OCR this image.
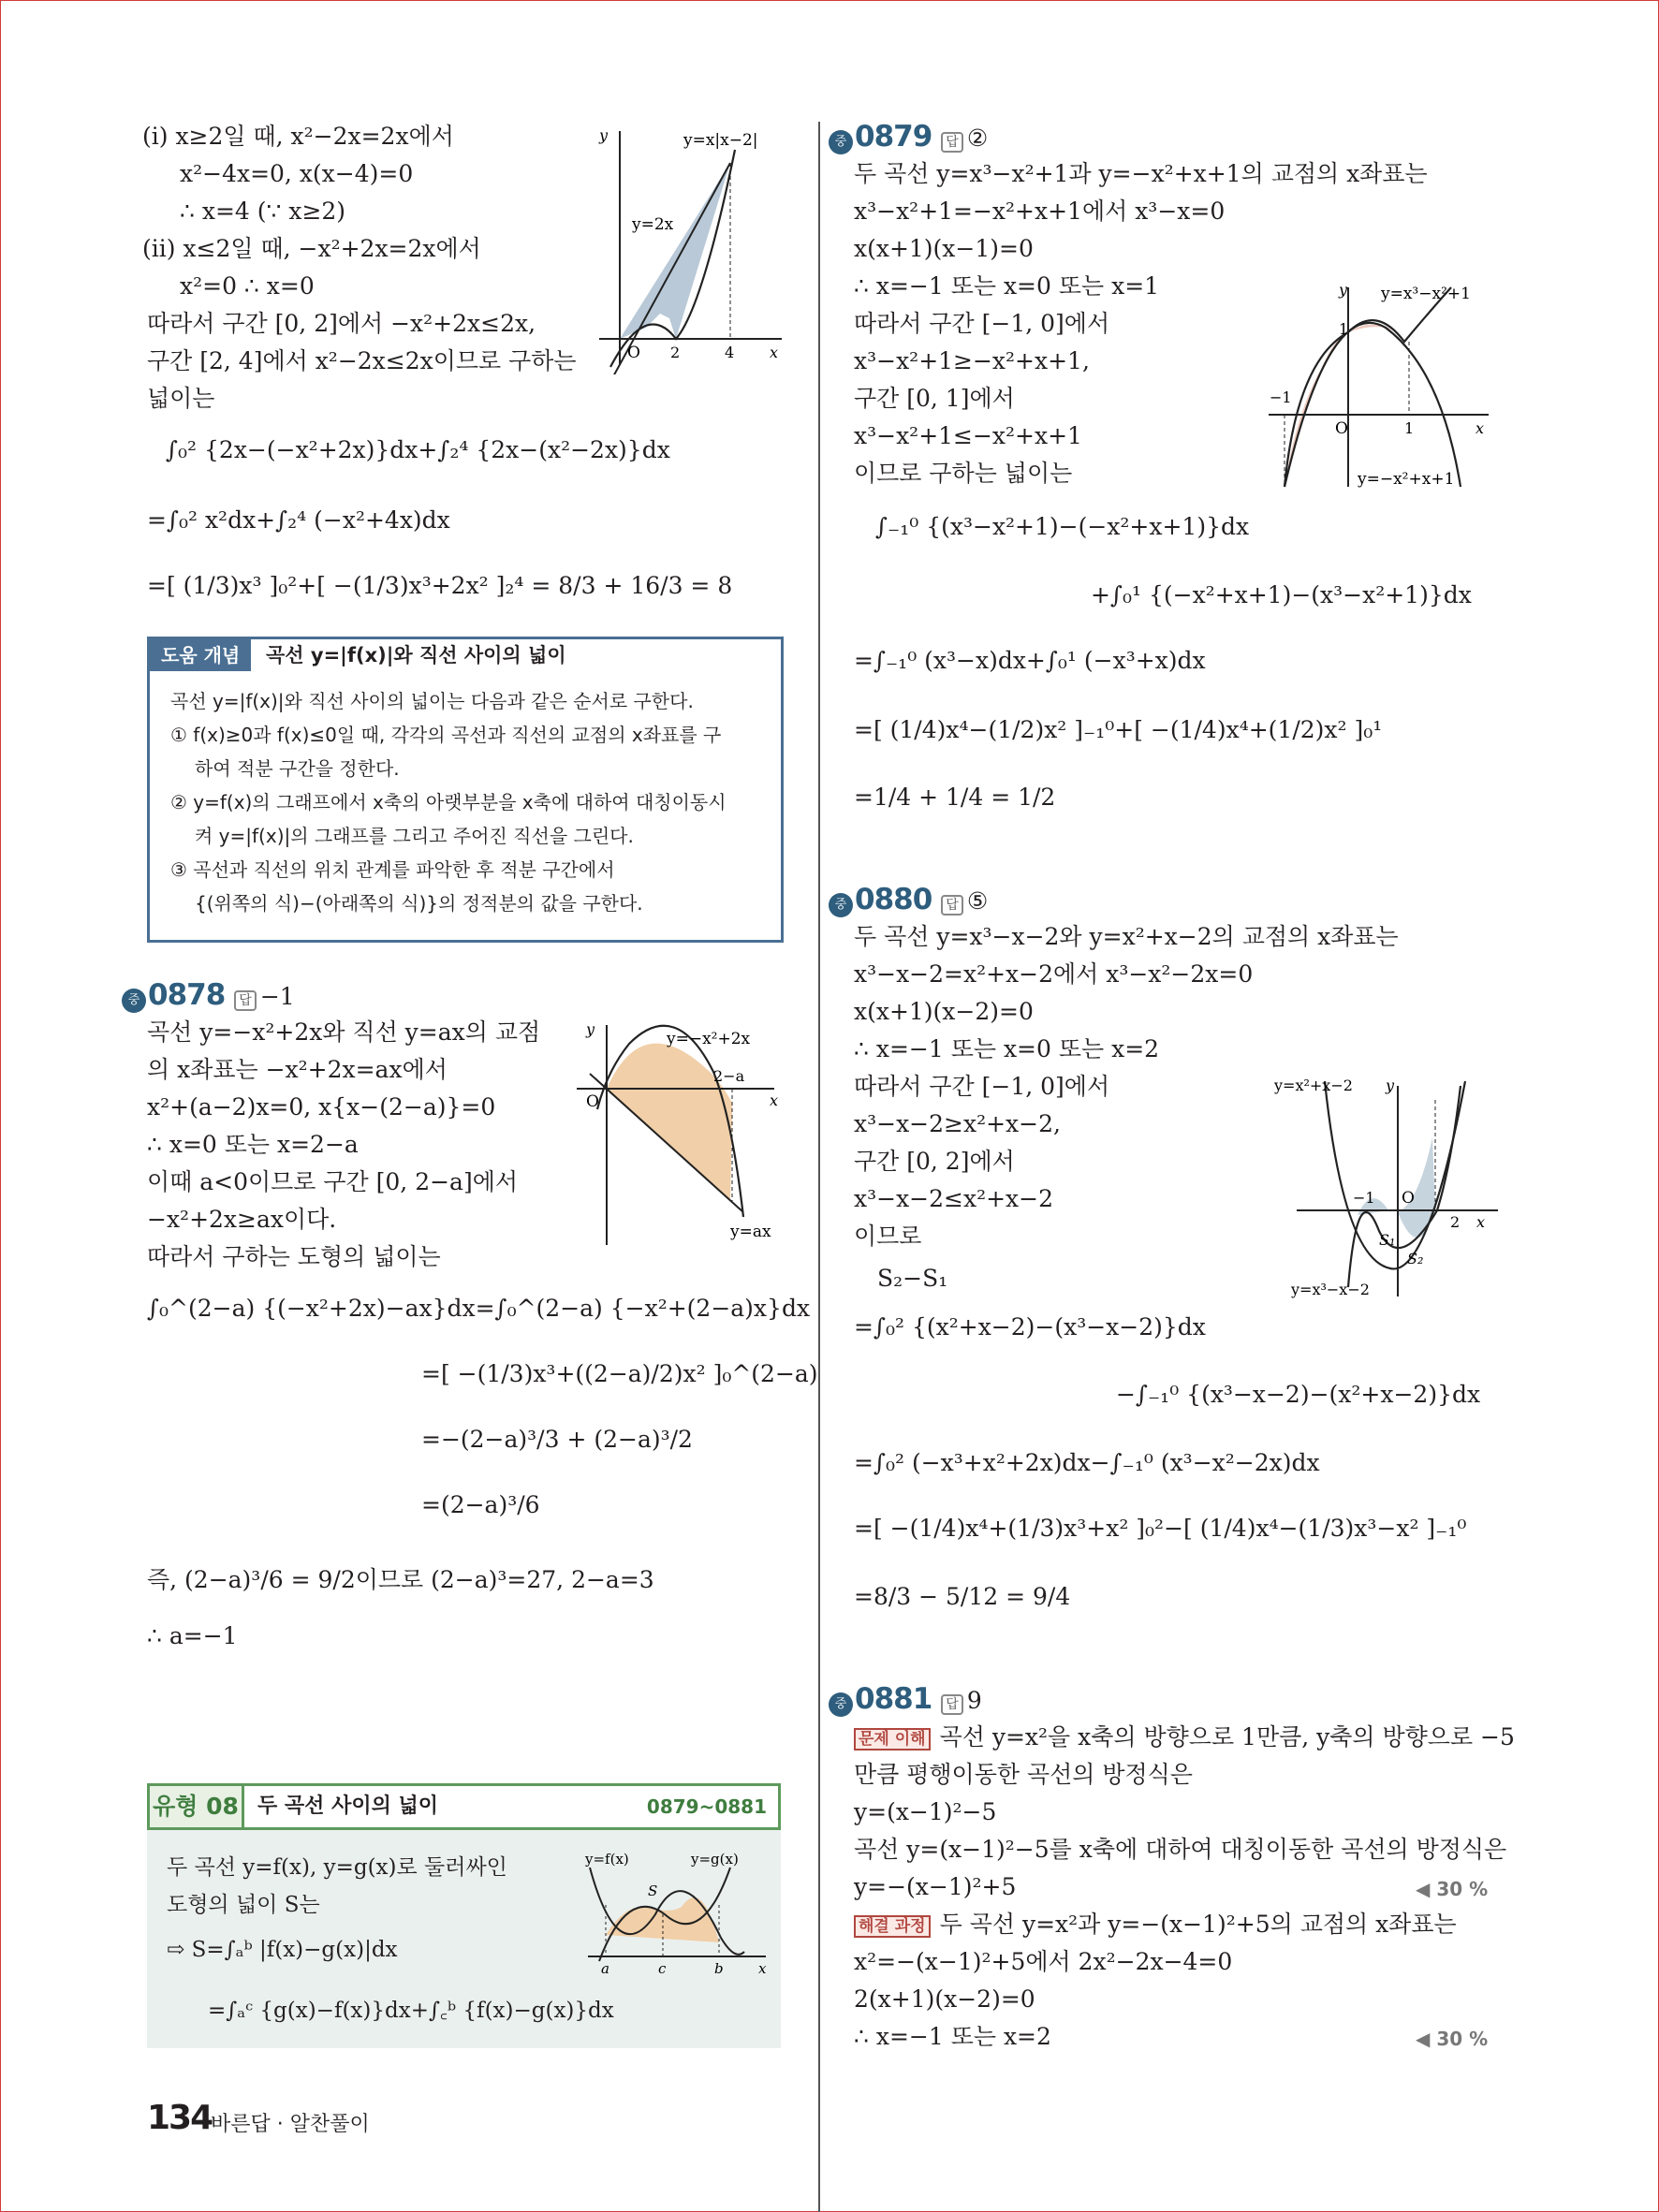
(ⅰ) x≥2일 때, x²−2x=2x에서
x²−4x=0, x(x−4)=0
∴ x=4 (∵ x≥2)
(ⅱ) x≤2일 때, −x²+2x=2x에서
x²=0 ∴ x=0
따라서 구간 [0, 2]에서 −x²+2x≤2x,
구간 [2, 4]에서 x²−2x≤2x이므로 구하는
넓이는
∫₀² {2x−(−x²+2x)}dx+∫₂⁴ {2x−(x²−2x)}dx
=∫₀² x²dx+∫₂⁴ (−x²+4x)dx
=[ (1/3)x³ ]₀²+[ −(1/3)x³+2x² ]₂⁴ = 8/3 + 16/3 = 8
y	y=x|x−2|
y=2x
O 2	4 x
도움 개념	곡선 y=|f(x)|와 직선 사이의 넓이
곡선 y=|f(x)|와 직선 사이의 넓이는 다음과 같은 순서로 구한다.
① f(x)≥0과 f(x)≤0일 때, 각각의 곡선과 직선의 교점의 x좌표를 구
하여 적분 구간을 정한다.
② y=f(x)의 그래프에서 x축의 아랫부분을 x축에 대하여 대칭이동시
켜 y=|f(x)|의 그래프를 그리고 주어진 직선을 그린다.
③ 곡선과 직선의 위치 관계를 파악한 후 적분 구간에서
{(위쪽의 식)−(아래쪽의 식)}의 정적분의 값을 구한다.
중 0878 답 −1
곡선 y=−x²+2x와 직선 y=ax의 교점
의 x좌표는 −x²+2x=ax에서
x²+(a−2)x=0, x{x−(2−a)}=0
∴ x=0 또는 x=2−a
이때 a<0이므로 구간 [0, 2−a]에서
−x²+2x≥ax이다.
따라서 구하는 도형의 넓이는
∫₀^(2−a) {(−x²+2x)−ax}dx=∫₀^(2−a) {−x²+(2−a)x}dx
=[ −(1/3)x³+((2−a)/2)x² ]₀^(2−a)
=−(2−a)³/3 + (2−a)³/2
=(2−a)³/6
즉, (2−a)³/6 = 9/2이므로 (2−a)³=27, 2−a=3
∴ a=−1
y
y=−x²+2x
O
2−a
x
y=ax
유형 08 두 곡선 사이의 넓이	0879~0881
두 곡선 y=f(x), y=g(x)로 둘러싸인
도형의 넓이 S는
⇨ S=∫ₐᵇ |f(x)−g(x)|dx
=∫ₐᶜ {g(x)−f(x)}dx+∫꜀ᵇ {f(x)−g(x)}dx
y=f(x)	y=g(x)
S
a	c	b x
134
바른답 · 알찬풀이
중 0879 답 ②
두 곡선 y=x³−x²+1과 y=−x²+x+1의 교점의 x좌표는
x³−x²+1=−x²+x+1에서 x³−x=0
x(x+1)(x−1)=0
∴ x=−1 또는 x=0 또는 x=1
따라서 구간 [−1, 0]에서
x³−x²+1≥−x²+x+1,
구간 [0, 1]에서
x³−x²+1≤−x²+x+1
이므로 구하는 넓이는
∫₋₁⁰ {(x³−x²+1)−(−x²+x+1)}dx
+∫₀¹ {(−x²+x+1)−(x³−x²+1)}dx
=∫₋₁⁰ (x³−x)dx+∫₀¹ (−x³+x)dx
=[ (1/4)x⁴−(1/2)x² ]₋₁⁰+[ −(1/4)x⁴+(1/2)x² ]₀¹
=1/4 + 1/4 = 1/2
y y=x³−x²+1
1
−1
O	1	x
y=−x²+x+1
중 0880 답 ⑤
두 곡선 y=x³−x−2와 y=x²+x−2의 교점의 x좌표는
x³−x−2=x²+x−2에서 x³−x²−2x=0
x(x+1)(x−2)=0
∴ x=−1 또는 x=0 또는 x=2
따라서 구간 [−1, 0]에서
x³−x−2≥x²+x−2,
구간 [0, 2]에서
x³−x−2≤x²+x−2
이므로
S₂−S₁
=∫₀² {(x²+x−2)−(x³−x−2)}dx
−∫₋₁⁰ {(x³−x−2)−(x²+x−2)}dx
=∫₀² (−x³+x²+2x)dx−∫₋₁⁰ (x³−x²−2x)dx
=[ −(1/4)x⁴+(1/3)x³+x² ]₀²−[ (1/4)x⁴−(1/3)x³−x² ]₋₁⁰
=8/3 − 5/12 = 9/4
y=x²+x−2 y
−1 O
2 x
S₁
S₂
y=x³−x−2
중 0881 답 9
문제 이해 곡선 y=x²을 x축의 방향으로 1만큼, y축의 방향으로 −5
만큼 평행이동한 곡선의 방정식은
y=(x−1)²−5
곡선 y=(x−1)²−5를 x축에 대하여 대칭이동한 곡선의 방정식은
y=−(x−1)²+5	◀ 30 %
해결 과정 두 곡선 y=x²과 y=−(x−1)²+5의 교점의 x좌표는
x²=−(x−1)²+5에서 2x²−2x−4=0
2(x+1)(x−2)=0
∴ x=−1 또는 x=2	◀ 30 %
